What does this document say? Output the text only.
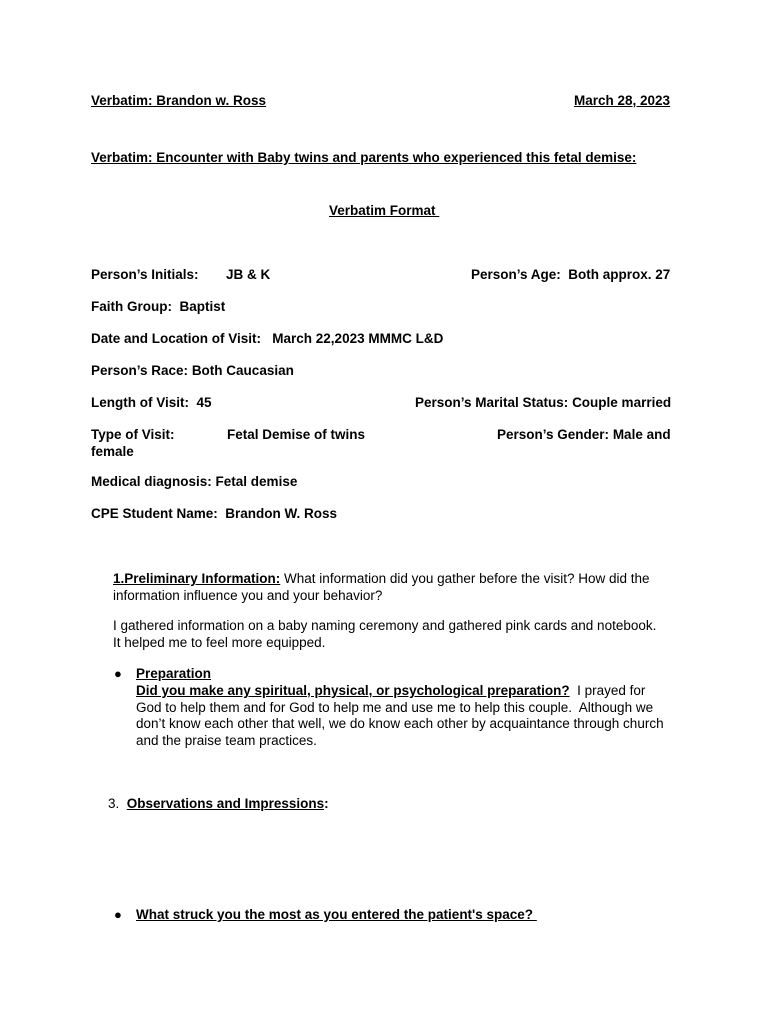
Verbatim: Brandon w. Ross	March 28, 2023
Verbatim: Encounter with Baby twins and parents who experienced this fetal demise:
Verbatim Format
Person’s Initials: JB & K	Person’s Age: Both approx. 27
Faith Group: Baptist
Date and Location of Visit: March 22,2023 MMMC L&D
Person’s Race: Both Caucasian
Length of Visit: 45	Person’s Marital Status: Couple married
Type of Visit:	Fetal Demise of twins	Person’s Gender: Male and
female
Medical diagnosis: Fetal demise
CPE Student Name: Brandon W. Ross
1.Preliminary Information: What information did you gather before the visit? How did the
information influence you and your behavior?
I gathered information on a baby naming ceremony and gathered pink cards and notebook.
It helped me to feel more equipped.
● Preparation
Did you make any spiritual, physical, or psychological preparation?  I prayed for
God to help them and for God to help me and use me to help this couple.  Although we
don’t know each other that well, we do know each other by acquaintance through church
and the praise team practices.
3. Observations and Impressions:
● What struck you the most as you entered the patient's space?
